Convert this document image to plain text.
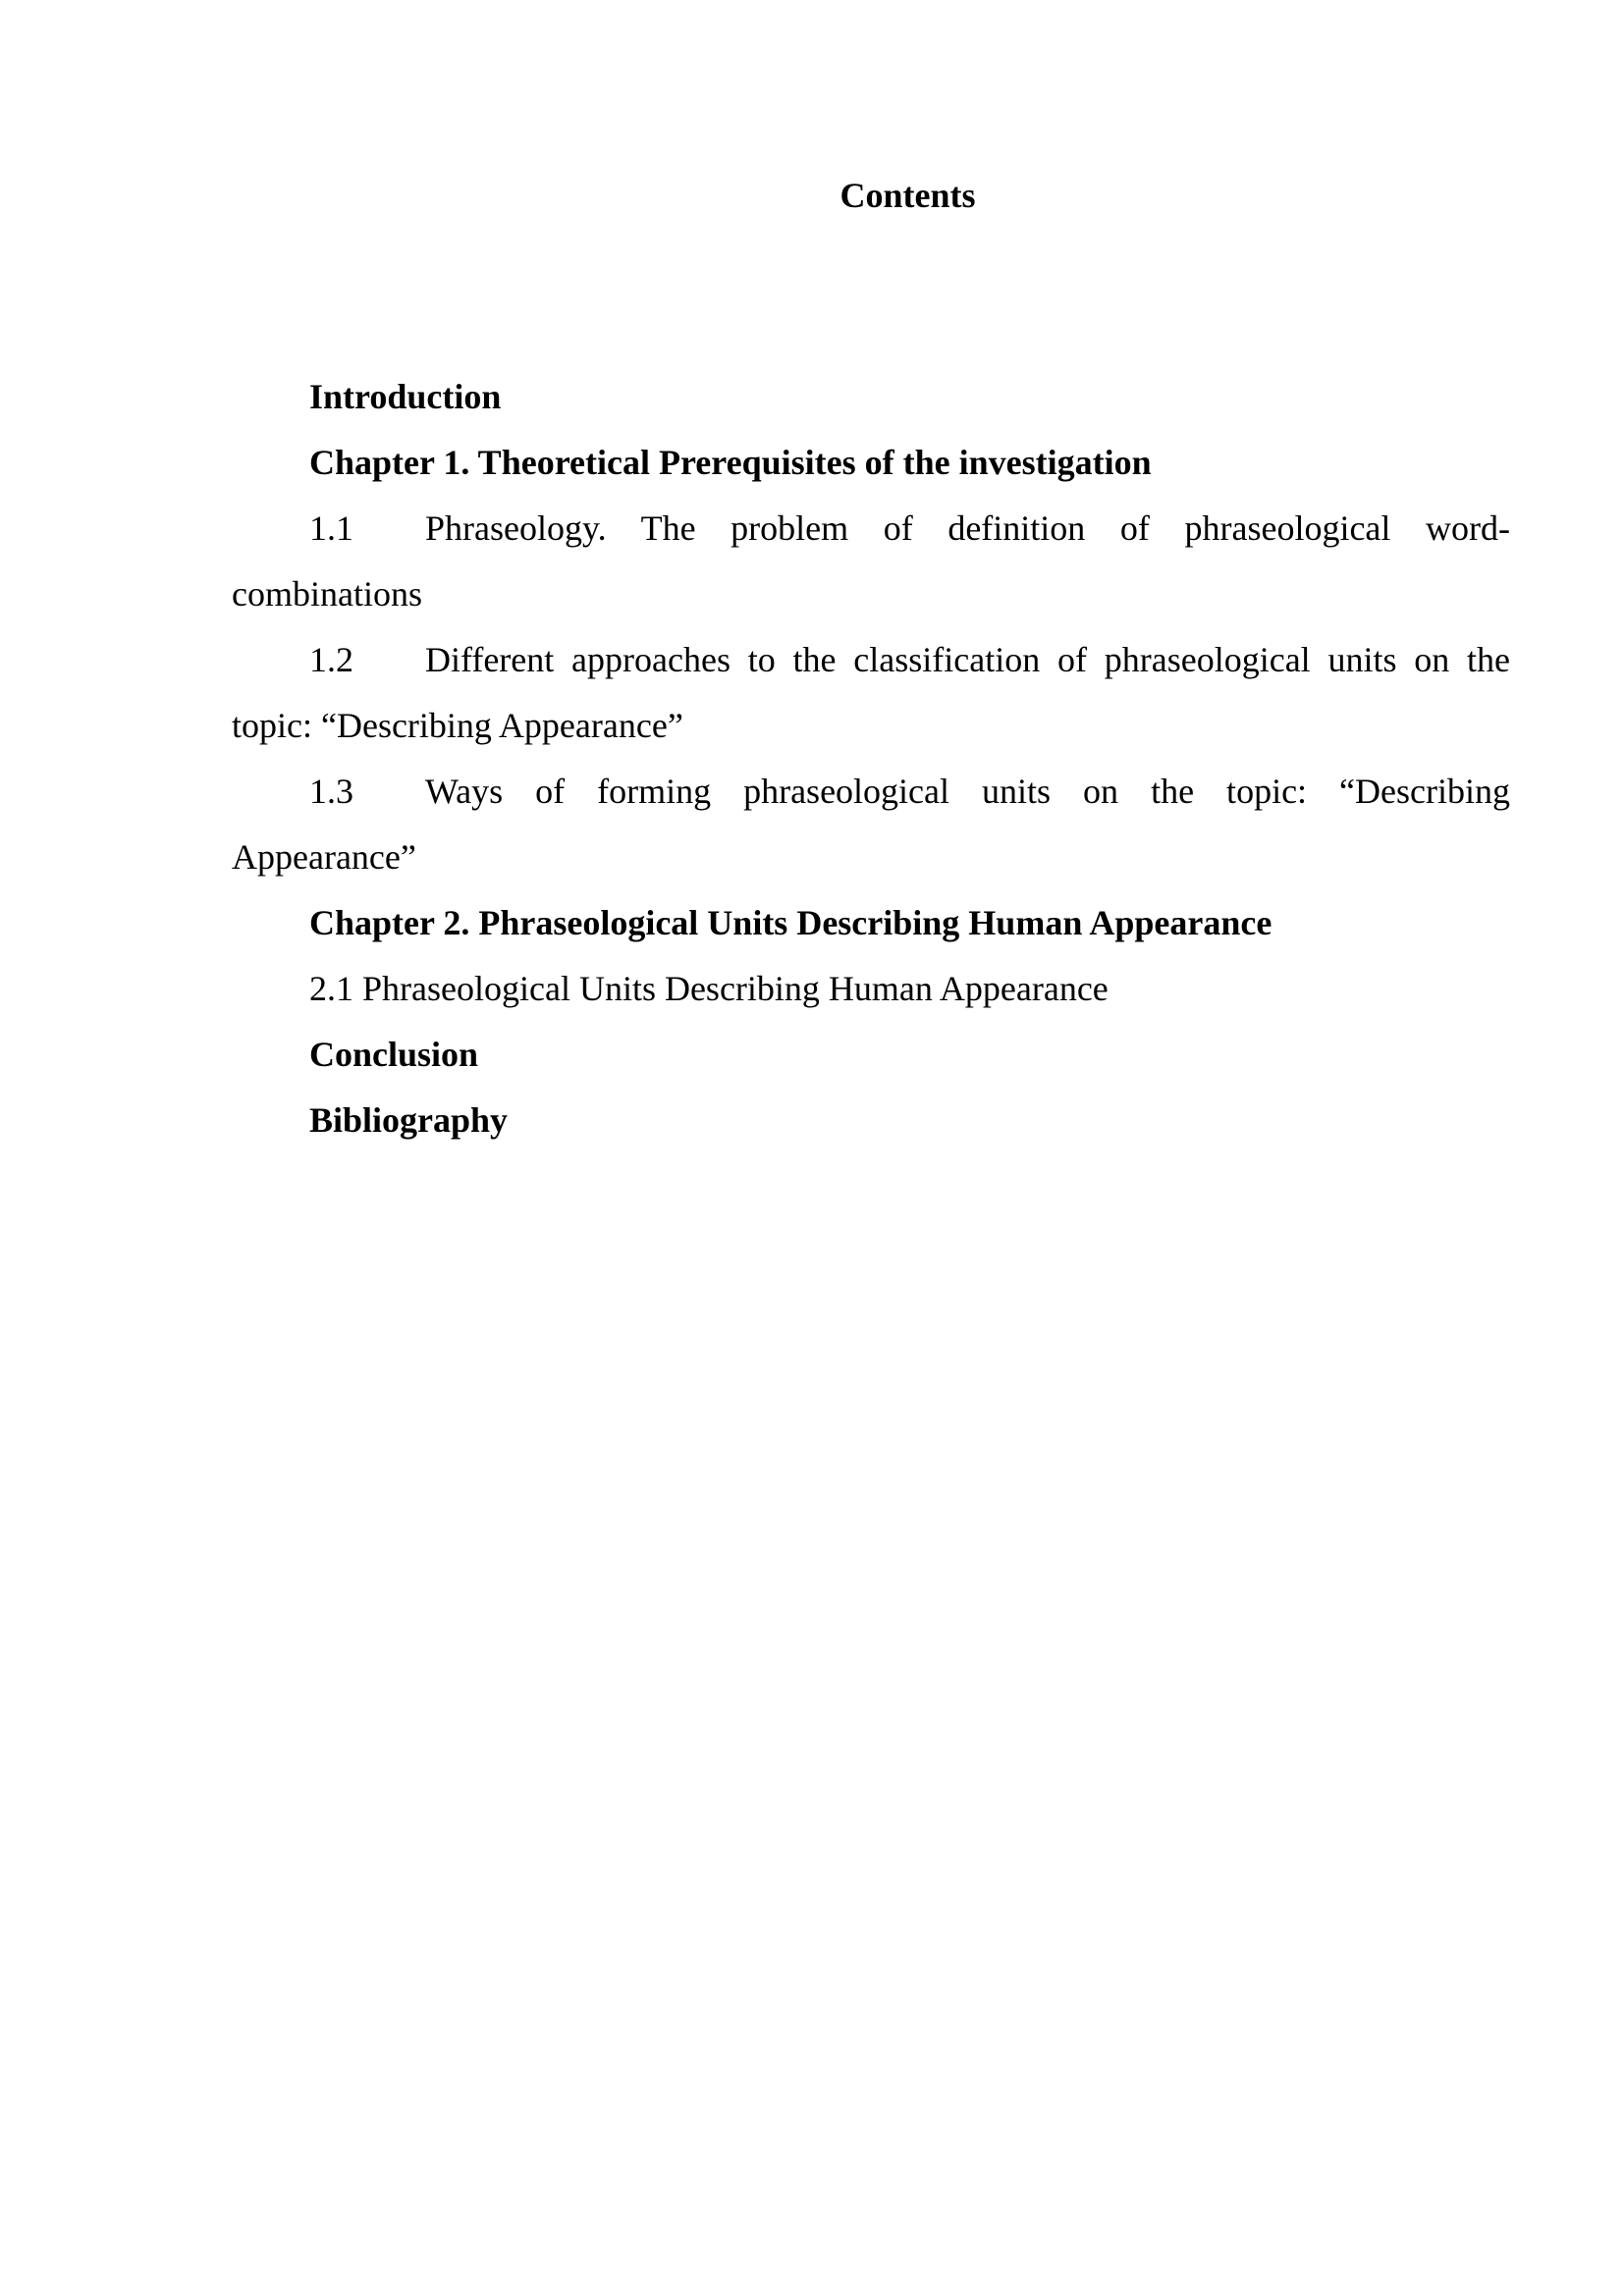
Contents
Introduction
Chapter 1. Theoretical Prerequisites of the investigation
1.1 Phraseology. The problem of definition of phraseological word-combinations
1.2 Different approaches to the classification of phraseological units on the topic: “Describing Appearance”
1.3 Ways of forming phraseological units on the topic: “Describing Appearance”
Chapter 2. Phraseological Units Describing Human Appearance
2.1 Phraseological Units Describing Human Appearance
Conclusion
Bibliography
